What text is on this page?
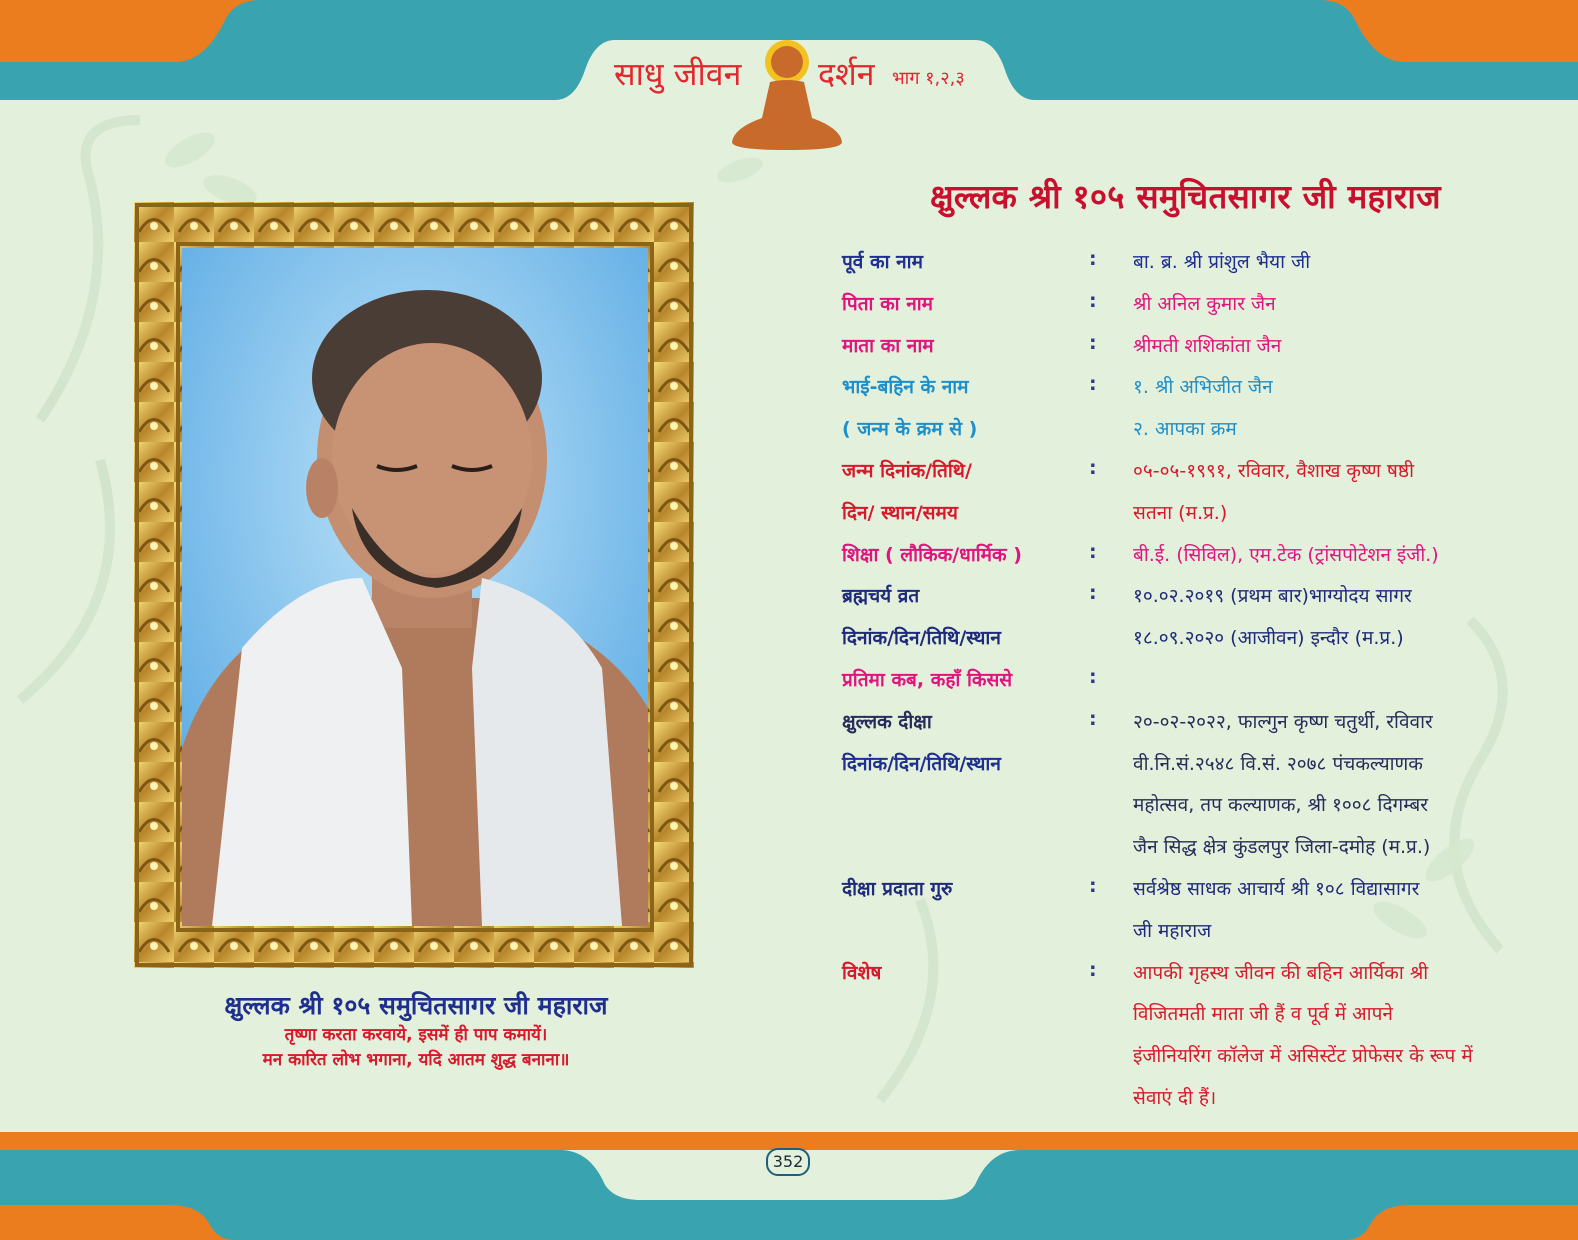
साधु जीवन दर्शन भाग १,२,३
क्षुल्लक श्री १०५ समुचितसागर जी महाराज
पूर्व का नाम	: बा. ब्र. श्री प्रांशुल भैया जी
पिता का नाम	: श्री अनिल कुमार जैन
माता का नाम	: श्रीमती शशिकांता जैन
भाई-बहिन के नाम	: १. श्री अभिजीत जैन
( जन्म के क्रम से )	२. आपका क्रम
जन्म दिनांक/तिथि/	: ०५-०५-१९९१, रविवार, वैशाख कृष्ण षष्ठी
दिन/ स्थान/समय	सतना (म.प्र.)
शिक्षा ( लौकिक/धार्मिक )	: बी.ई. (सिविल), एम.टेक (ट्रांसपोटेशन इंजी.)
ब्रह्मचर्य व्रत	: १०.०२.२०१९ (प्रथम बार)भाग्योदय सागर
दिनांक/दिन/तिथि/स्थान	१८.०९.२०२० (आजीवन) इन्दौर (म.प्र.)
प्रतिमा कब, कहाँ किससे	:
क्षुल्लक दीक्षा	: २०-०२-२०२२, फाल्गुन कृष्ण चतुर्थी, रविवार
दिनांक/दिन/तिथि/स्थान	वी.नि.सं.२५४८ वि.सं. २०७८ पंचकल्याणक
महोत्सव, तप कल्याणक, श्री १००८ दिगम्बर
जैन सिद्ध क्षेत्र कुंडलपुर जिला-दमोह (म.प्र.)
दीक्षा प्रदाता गुरु	: सर्वश्रेष्ठ साधक आचार्य श्री १०८ विद्यासागर
जी महाराज
विशेष	: आपकी गृहस्थ जीवन की बहिन आर्यिका श्री
विजितमती माता जी हैं व पूर्व में आपने
इंजीनियरिंग कॉलेज में असिस्टेंट प्रोफेसर के रूप में
सेवाएं दी हैं।
क्षुल्लक श्री १०५ समुचितसागर जी महाराज
तृष्णा करता करवाये, इसमें ही पाप कमायें।
मन कारित लोभ भगाना, यदि आतम शुद्ध बनाना॥
352
